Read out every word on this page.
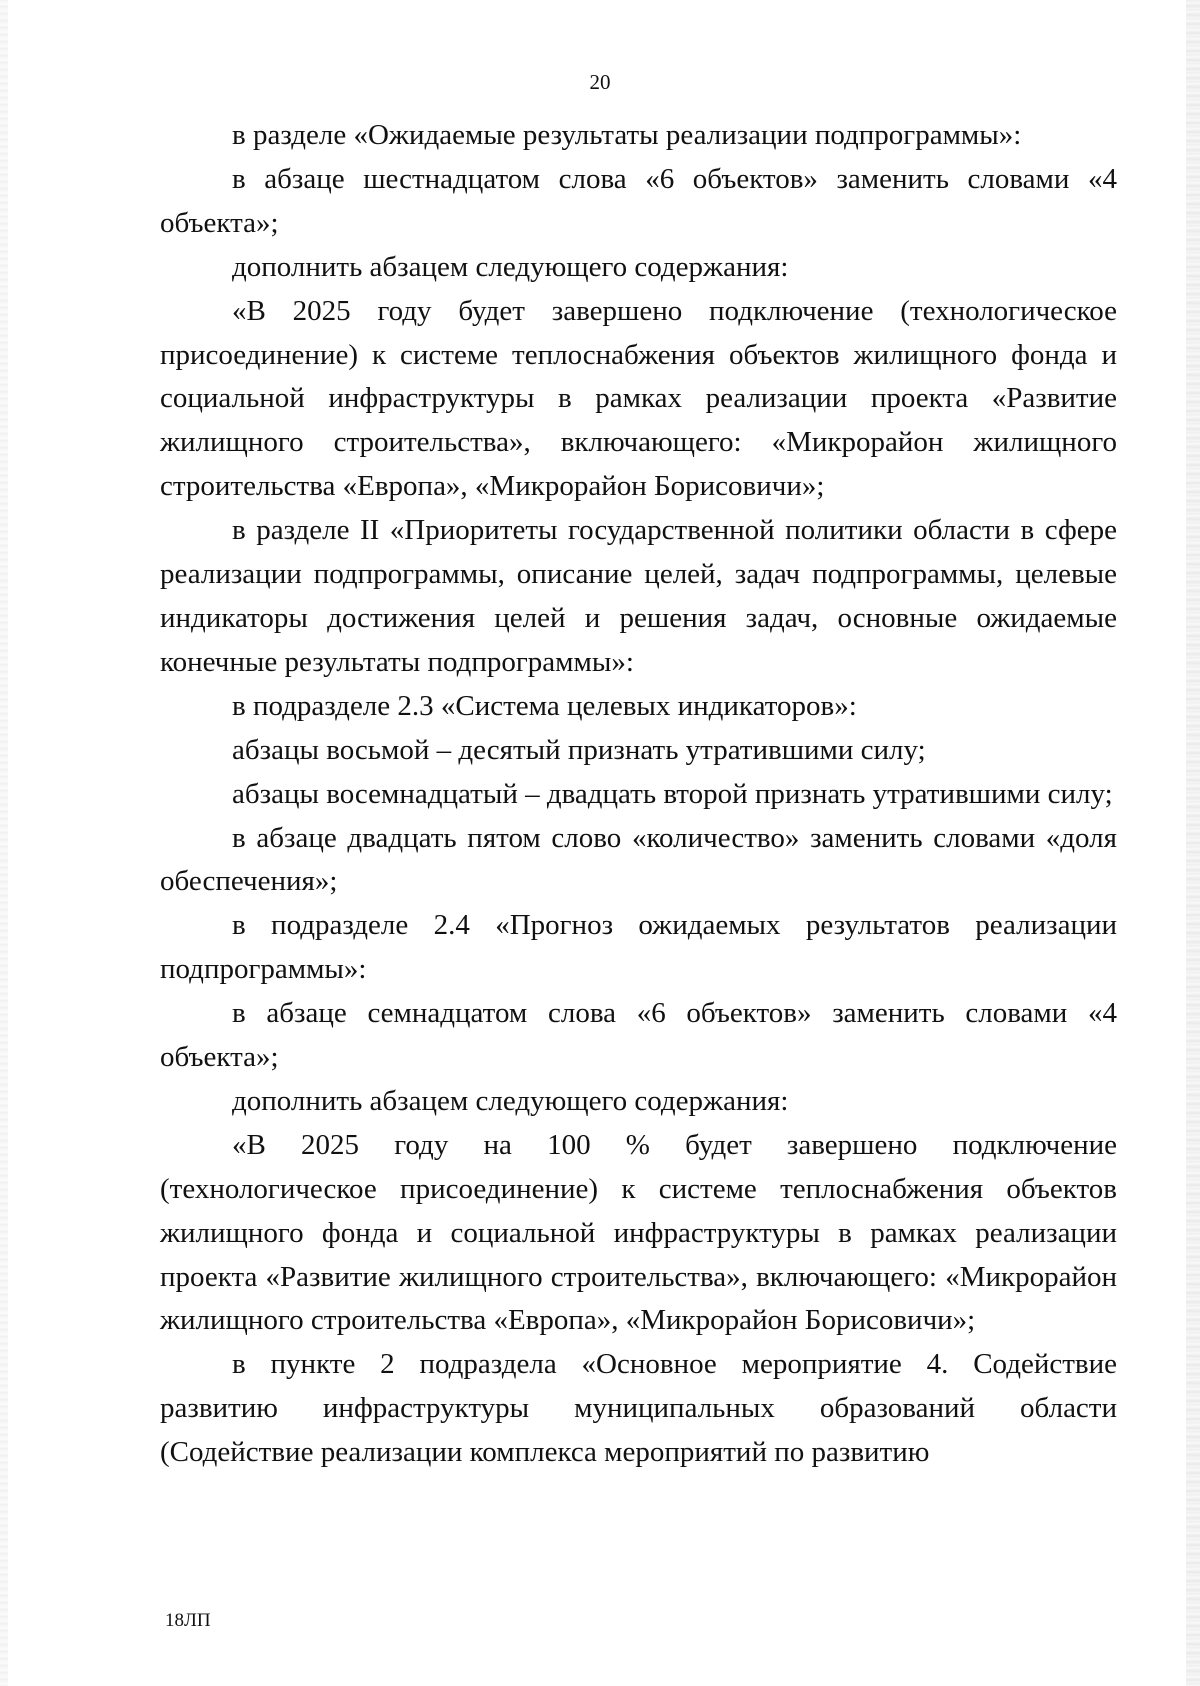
20

в разделе «Ожидаемые результаты реализации подпрограммы»:

в абзаце шестнадцатом слова «6 объектов» заменить словами «4 объекта»;

дополнить абзацем следующего содержания:

«В 2025 году будет завершено подключение (технологическое присоединение) к системе теплоснабжения объектов жилищного фонда и социальной инфраструктуры в рамках реализации проекта «Развитие жилищного строительства», включающего: «Микрорайон жилищного строительства «Европа», «Микрорайон Борисовичи»;

в разделе II «Приоритеты государственной политики области в сфере реализации подпрограммы, описание целей, задач подпрограммы, целевые индикаторы достижения целей и решения задач, основные ожидаемые конечные результаты подпрограммы»:

в подразделе 2.3 «Система целевых индикаторов»:

абзацы восьмой – десятый признать утратившими силу;

абзацы восемнадцатый – двадцать второй признать утратившими силу;

в абзаце двадцать пятом слово «количество» заменить словами «доля обеспечения»;

в подразделе 2.4 «Прогноз ожидаемых результатов реализации подпрограммы»:

в абзаце семнадцатом слова «6 объектов» заменить словами «4 объекта»;

дополнить абзацем следующего содержания:

«В 2025 году на 100 % будет завершено подключение (технологическое присоединение) к системе теплоснабжения объектов жилищного фонда и социальной инфраструктуры в рамках реализации проекта «Развитие жилищного строительства», включающего: «Микрорайон жилищного строительства «Европа», «Микрорайон Борисовичи»;

в пункте 2 подраздела «Основное мероприятие 4. Содействие развитию инфраструктуры муниципальных образований области (Содействие реализации комплекса мероприятий по развитию

18ЛП
